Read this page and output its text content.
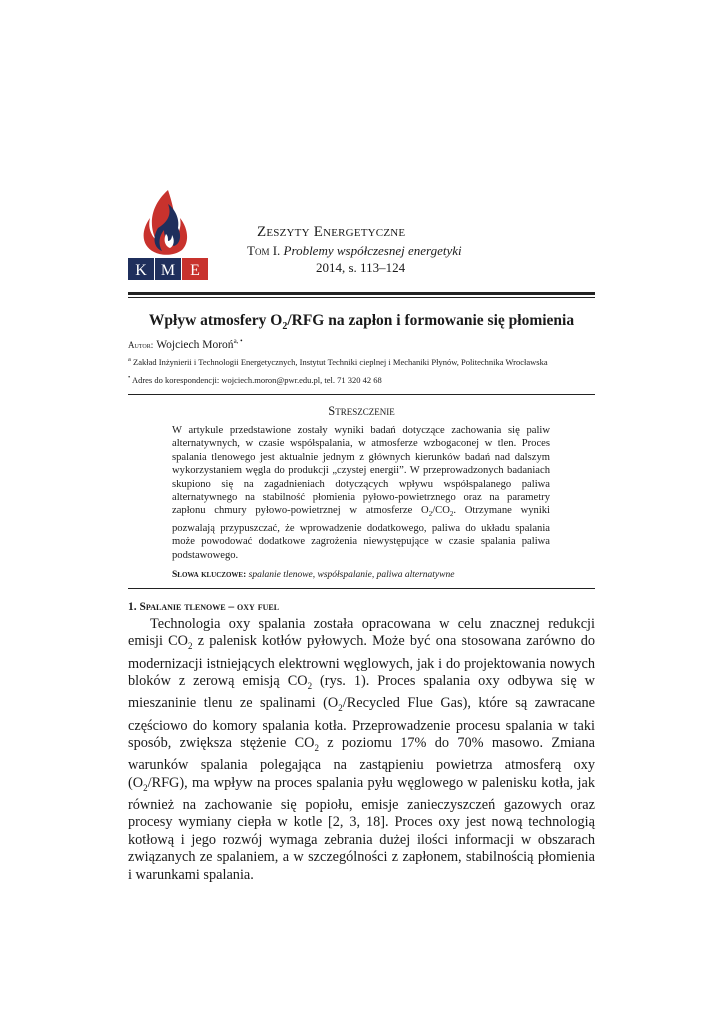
K M E
Zeszyty Energetyczne
Tom I. Problemy współczesnej energetyki
2014, s. 113–124
Wpływ atmosfery $O_2$/RFG na zapłon i formowanie się płomienia
Autor: Wojciech Moroń$^{a, •}$
$^a$ Zakład Inżynierii i Technologii Energetycznych, Instytut Techniki cieplnej i Mechaniki Płynów, Politechnika Wrocławska
• Adres do korespondencji: wojciech.moron@pwr.edu.pl, tel. 71 320 42 68
Streszczenie

W artykule przedstawione zostały wyniki badań dotyczące zachowania się paliw alternatywnych, w czasie współspalania, w atmosferze wzbogaconej w tlen. Proces spalania tlenowego jest aktualnie jednym z głównych kierunków badań nad dalszym wykorzystaniem węgla do produkcji „czystej energii”. W przeprowadzonych badaniach skupiono się na zagadnieniach dotyczących wpływu współspalanego paliwa alternatywnego na stabilność płomienia pyłowo-powietrznego oraz na parametry zapłonu chmury pyłowo-powietrznej w atmosferze $O_2/CO_2$. Otrzymane wyniki pozwalają przypuszczać, że wprowadzenie dodatkowego, paliwa do układu spalania może powodować dodatkowe zagrożenia niewystępujące w czasie spalania paliwa podstawowego.

Słowa kluczowe: spalanie tlenowe, współspalanie, paliwa alternatywne
1. Spalanie tlenowe – oxy fuel

Technologia oxy spalania została opracowana w celu znacznej redukcji emisji $CO_2$ z palenisk kotłów pyłowych. Może być ona stosowana zarówno do modernizacji istniejących elektrowni węglowych, jak i do projektowania nowych bloków z zerową emisją $CO_2$ (rys. 1). Proces spalania oxy odbywa się w mieszaninie tlenu ze spalinami ($O_2$/Recycled Flue Gas), które są zawracane częściowo do komory spalania kotła. Przeprowadzenie procesu spalania w taki sposób, zwiększa stężenie $CO_2$ z poziomu 17% do 70% masowo. Zmiana warunków spalania polegająca na zastąpieniu powietrza atmosferą oxy $(O_2/RFG)$, ma wpływ na proces spalania pyłu węglowego w palenisku kotła, jak również na zachowanie się popiołu, emisje zanieczyszczeń gazowych oraz procesy wymiany ciepła w kotle [2, 3, 18]. Proces oxy jest nową technologią kotłową i jego rozwój wymaga zebrania dużej ilości informacji w obszarach związanych ze spalaniem, a w szczególności z zapłonem, stabilnością płomienia i warunkami spalania.
